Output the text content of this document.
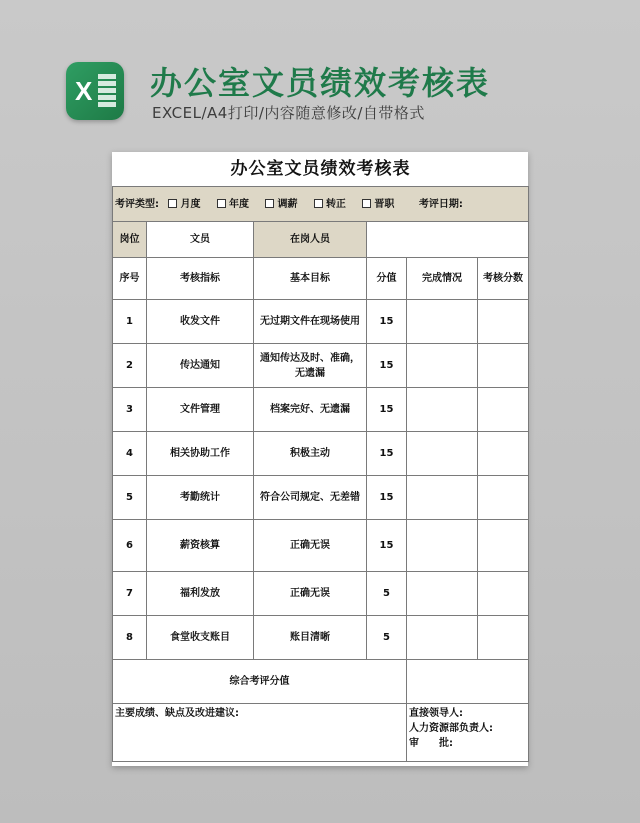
X 办公室文员绩效考核表
EXCEL/A4打印/内容随意修改/自带格式
办公室文员绩效考核表					
考评类型: 月度 年度 调薪 转正 晋职 考评日期:					
岗位	文员	在岗人员			
序号	考核指标	基本目标	分值	完成情况	考核分数
1	收发文件	无过期文件在现场使用	15		
2	传达通知	通知传达及时、准确，无遗漏	15		
3	文件管理	档案完好、无遗漏	15		
4	相关协助工作	积极主动	15		
5	考勤统计	符合公司规定、无差错	15		
6	薪资核算	正确无误	15		
7	福利发放	正确无误	5		
8	食堂收支账目	账目清晰	5		
综合考评分值					
主要成绩、缺点及改进建议:				直接领导人:
人力资源部负责人:
审　　批:	
